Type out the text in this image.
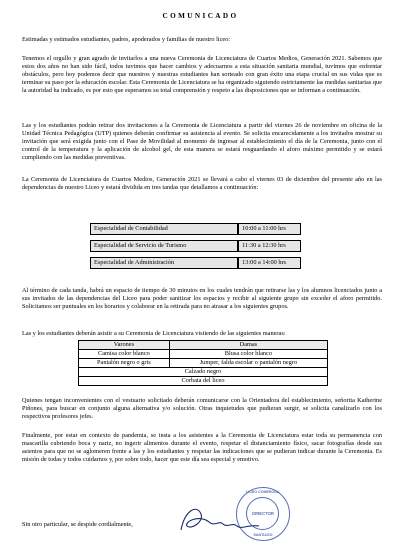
COMUNICADO

Estimadas y estimados estudiantes, padres, apoderados y familias de nuestro liceo:

Tenemos el orgullo y gran agrado de invitarlos a una nueva Ceremonia de Licenciatura de Cuartos Medios, Generación 2021. Sabemos que estos dos años no han sido fácil, todos tuvimos que hacer cambios y adecuarnos a esta situación sanitaria mundial, tuvimos que enfrentar obstáculos, pero hoy podemos decir que nuestros y nuestras estudiantes han sorteado con gran éxito una etapa crucial en sus vidas que es terminar su paso por la educación escolar. Esta Ceremonia de Licenciatura se ha organizado siguiendo estrictamente las medidas sanitarias que la autoridad ha indicado, es por esto que esperamos su total comprensión y respeto a las disposiciones que se informan a continuación.

Las y los estudiantes podrán retirar dos invitaciones a la Ceremonia de Licenciatura a partir del viernes 26 de noviembre en oficina de la Unidad Técnica Pedagógica (UTP) quienes deberán confirmar su asistencia al evento. Se solicita encarecidamente a los invitados mostrar su invitación que será exigida junto con el Pase de Movilidad al momento de ingresar al establecimiento el día de la Ceremonia, junto con el control de la temperatura y la aplicación de alcohol gel, de esta manera se estará resguardando el aforo máximo permitido y se estará cumpliendo con las medidas preventivas.

La Ceremonia de Licenciatura de Cuartos Medios, Generación 2021 se llevará a cabo el viernes 03 de diciembre del presente año en las dependencias de nuestro Liceo y estará dividida en tres tandas que detallamos a continuación:

Especialidad de Contabilidad	10:00 a 11:00 hrs
Especialidad de Servicio de Turismo	11:30 a 12:30 hrs
Especialidad de Administración	13:00 a 14:00 hrs

Al término de cada tanda, habrá un espacio de tiempo de 30 minutos en los cuales tendrán que retirarse las y los alumnos licenciados junto a sus invitados de las dependencias del Liceo para poder sanitizar los espacios y recibir al siguiente grupo sin exceder el aforo permitido. Solicitamos ser puntuales en los horarios y colaborar en la retirada para no atrasar a los siguientes grupos.

Las y los estudiantes deberán asistir a su Ceremonia de Licenciatura vistiendo de las siguientes maneras:

Varones	Damas
Camisa color blanco	Blusa color blanco
Pantalón negro o gris	Jumper, falda escolar o pantalón negro
Calzado negro	
Corbata del liceo	

Quienes tengan inconvenientes con el vestuario solicitado deberán comunicarse con la Orientadora del establecimiento, señorita Katherine Piñones, para buscar en conjunto alguna alternativa y/o solución. Otras inquietudes que pudieran surgir, se solicita canalizarlo con los respectivos profesores jefes.

Finalmente, por estar en contexto de pandemia, se insta a los asistentes a la Ceremonia de Licenciatura estar toda su permanencia con mascarilla cubriendo boca y nariz, no ingerir alimentos durante el evento, respetar el distanciamiento físico, sacar fotografías desde sus asientos para que no se aglomeren frente a las y los estudiantes y respetar las indicaciones que se pudieran indicar durante la Ceremonia. Es misión de todas y todos cuidarnos y, por sobre todo, hacer que este día sea especial y emotivo.

LICEO COMERCIAL
DIRECTOR
SANTIAGO

Sin otro particular, se despide cordialmente,
